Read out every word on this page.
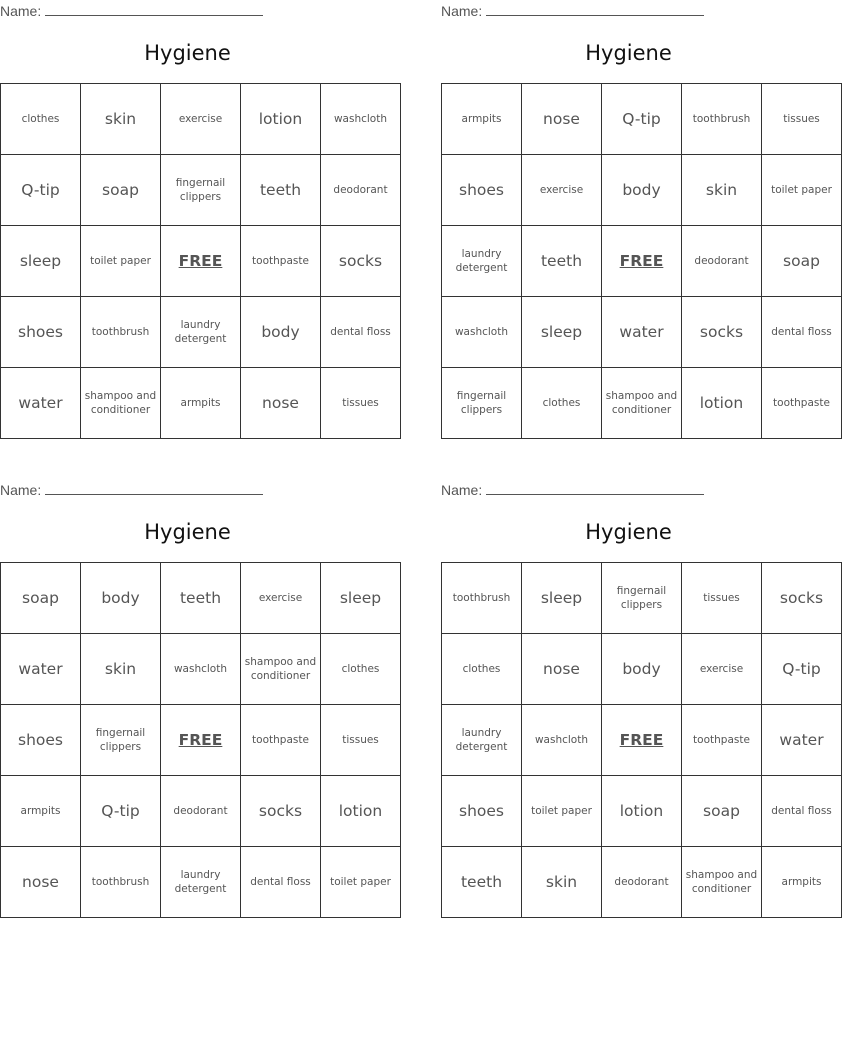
Name:
Hygiene
clothes	skin	exercise	lotion	washcloth
Q-tip	soap	fingernail clippers	teeth	deodorant
sleep	toilet paper	FREE	toothpaste	socks
shoes	toothbrush	laundry detergent	body	dental floss
water	shampoo and conditioner	armpits	nose	tissues
Name:
Hygiene
armpits	nose	Q-tip	toothbrush	tissues
shoes	exercise	body	skin	toilet paper
laundry detergent	teeth	FREE	deodorant	soap
washcloth	sleep	water	socks	dental floss
fingernail clippers	clothes	shampoo and conditioner	lotion	toothpaste
Name:
Hygiene
soap	body	teeth	exercise	sleep
water	skin	washcloth	shampoo and conditioner	clothes
shoes	fingernail clippers	FREE	toothpaste	tissues
armpits	Q-tip	deodorant	socks	lotion
nose	toothbrush	laundry detergent	dental floss	toilet paper
Name:
Hygiene
toothbrush	sleep	fingernail clippers	tissues	socks
clothes	nose	body	exercise	Q-tip
laundry detergent	washcloth	FREE	toothpaste	water
shoes	toilet paper	lotion	soap	dental floss
teeth	skin	deodorant	shampoo and conditioner	armpits
